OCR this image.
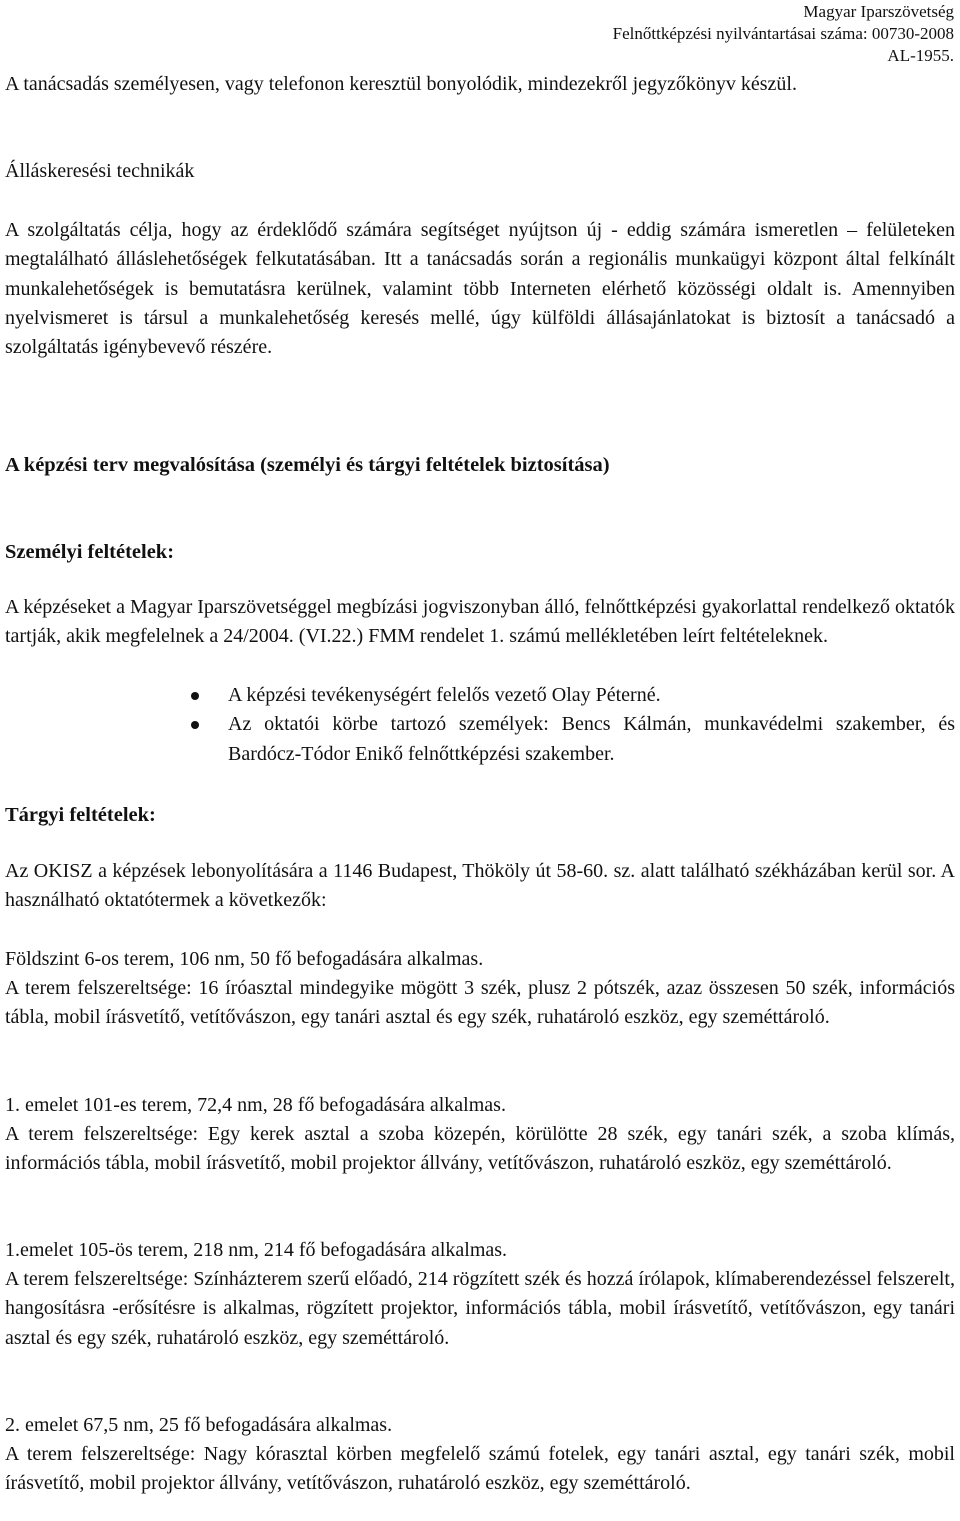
Magyar Iparszövetség
Felnőttképzési nyilvántartásai száma: 00730-2008
AL-1955.

A tanácsadás személyesen, vagy telefonon keresztül bonyolódik, mindezekről jegyzőkönyv készül.

Álláskeresési technikák

A szolgáltatás célja, hogy az érdeklődő számára segítséget nyújtson új - eddig számára ismeretlen – felületeken megtalálható álláslehetőségek felkutatásában. Itt a tanácsadás során a regionális munkaügyi központ által felkínált munkalehetőségek is bemutatásra kerülnek, valamint több Interneten elérhető közösségi oldalt is. Amennyiben nyelvismeret is társul a munkalehetőség keresés mellé, úgy külföldi állásajánlatokat is biztosít a tanácsadó a szolgáltatás igénybevevő részére.

A képzési terv megvalósítása (személyi és tárgyi feltételek biztosítása)

Személyi feltételek:

A képzéseket a Magyar Iparszövetséggel megbízási jogviszonyban álló, felnőttképzési gyakorlattal rendelkező oktatók tartják, akik megfelelnek a 24/2004. (VI.22.) FMM rendelet 1. számú mellékletében leírt feltételeknek.

A képzési tevékenységért felelős vezető Olay Péterné.
Az oktatói körbe tartozó személyek: Bencs Kálmán, munkavédelmi szakember, és Bardócz-Tódor Enikő felnőttképzési szakember.

Tárgyi feltételek:

Az OKISZ a képzések lebonyolítására a 1146 Budapest, Thököly út 58-60. sz. alatt található székházában kerül sor. A használható oktatótermek a következők:

Földszint 6-os terem, 106 nm, 50 fő befogadására alkalmas.

A terem felszereltsége: 16 íróasztal mindegyike mögött 3 szék, plusz 2 pótszék, azaz összesen 50 szék, információs tábla, mobil írásvetítő, vetítővászon, egy tanári asztal és egy szék, ruhatároló eszköz, egy szeméttároló.

1. emelet 101-es terem, 72,4 nm, 28 fő befogadására alkalmas.

A terem felszereltsége: Egy kerek asztal a szoba közepén, körülötte 28 szék, egy tanári szék, a szoba klímás, információs tábla, mobil írásvetítő, mobil projektor állvány, vetítővászon, ruhatároló eszköz, egy szeméttároló.

1.emelet 105-ös terem, 218 nm, 214 fő befogadására alkalmas.

A terem felszereltsége: Színházterem szerű előadó, 214 rögzített szék és hozzá írólapok, klímaberendezéssel felszerelt, hangosításra -erősítésre is alkalmas, rögzített projektor, információs tábla, mobil írásvetítő, vetítővászon, egy tanári asztal és egy szék, ruhatároló eszköz, egy szeméttároló.

2. emelet 67,5 nm, 25 fő befogadására alkalmas.

A terem felszereltsége: Nagy kórasztal körben megfelelő számú fotelek, egy tanári asztal, egy tanári szék, mobil írásvetítő, mobil projektor állvány, vetítővászon, ruhatároló eszköz, egy szeméttároló.
